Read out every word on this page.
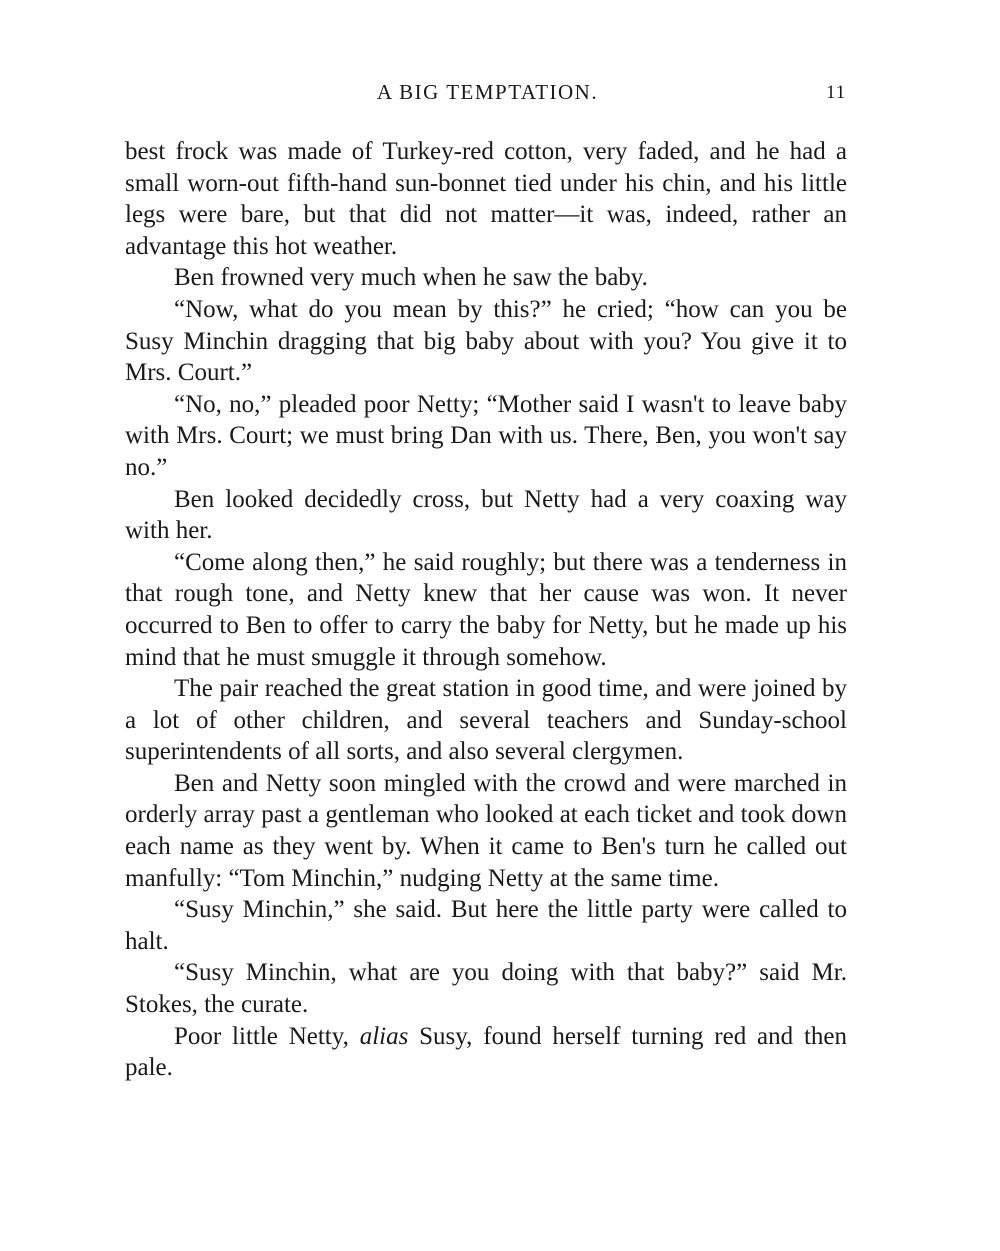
A BIG TEMPTATION.	11

best frock was made of Turkey-red cotton, very faded, and he had a small worn-out fifth-hand sun-bonnet tied under his chin, and his little legs were bare, but that did not matter—it was, indeed, rather an advantage this hot weather.

Ben frowned very much when he saw the baby.

“Now, what do you mean by this?” he cried; “how can you be Susy Minchin dragging that big baby about with you? You give it to Mrs. Court.”

“No, no,” pleaded poor Netty; “Mother said I wasn't to leave baby with Mrs. Court; we must bring Dan with us. There, Ben, you won't say no.”

Ben looked decidedly cross, but Netty had a very coaxing way with her.

“Come along then,” he said roughly; but there was a tenderness in that rough tone, and Netty knew that her cause was won. It never occurred to Ben to offer to carry the baby for Netty, but he made up his mind that he must smuggle it through somehow.

The pair reached the great station in good time, and were joined by a lot of other children, and several teachers and Sunday-school superintendents of all sorts, and also several clergymen.

Ben and Netty soon mingled with the crowd and were marched in orderly array past a gentleman who looked at each ticket and took down each name as they went by. When it came to Ben's turn he called out manfully: “Tom Minchin,” nudging Netty at the same time.

“Susy Minchin,” she said. But here the little party were called to halt.

“Susy Minchin, what are you doing with that baby?” said Mr. Stokes, the curate.

Poor little Netty, alias Susy, found herself turning red and then pale.
